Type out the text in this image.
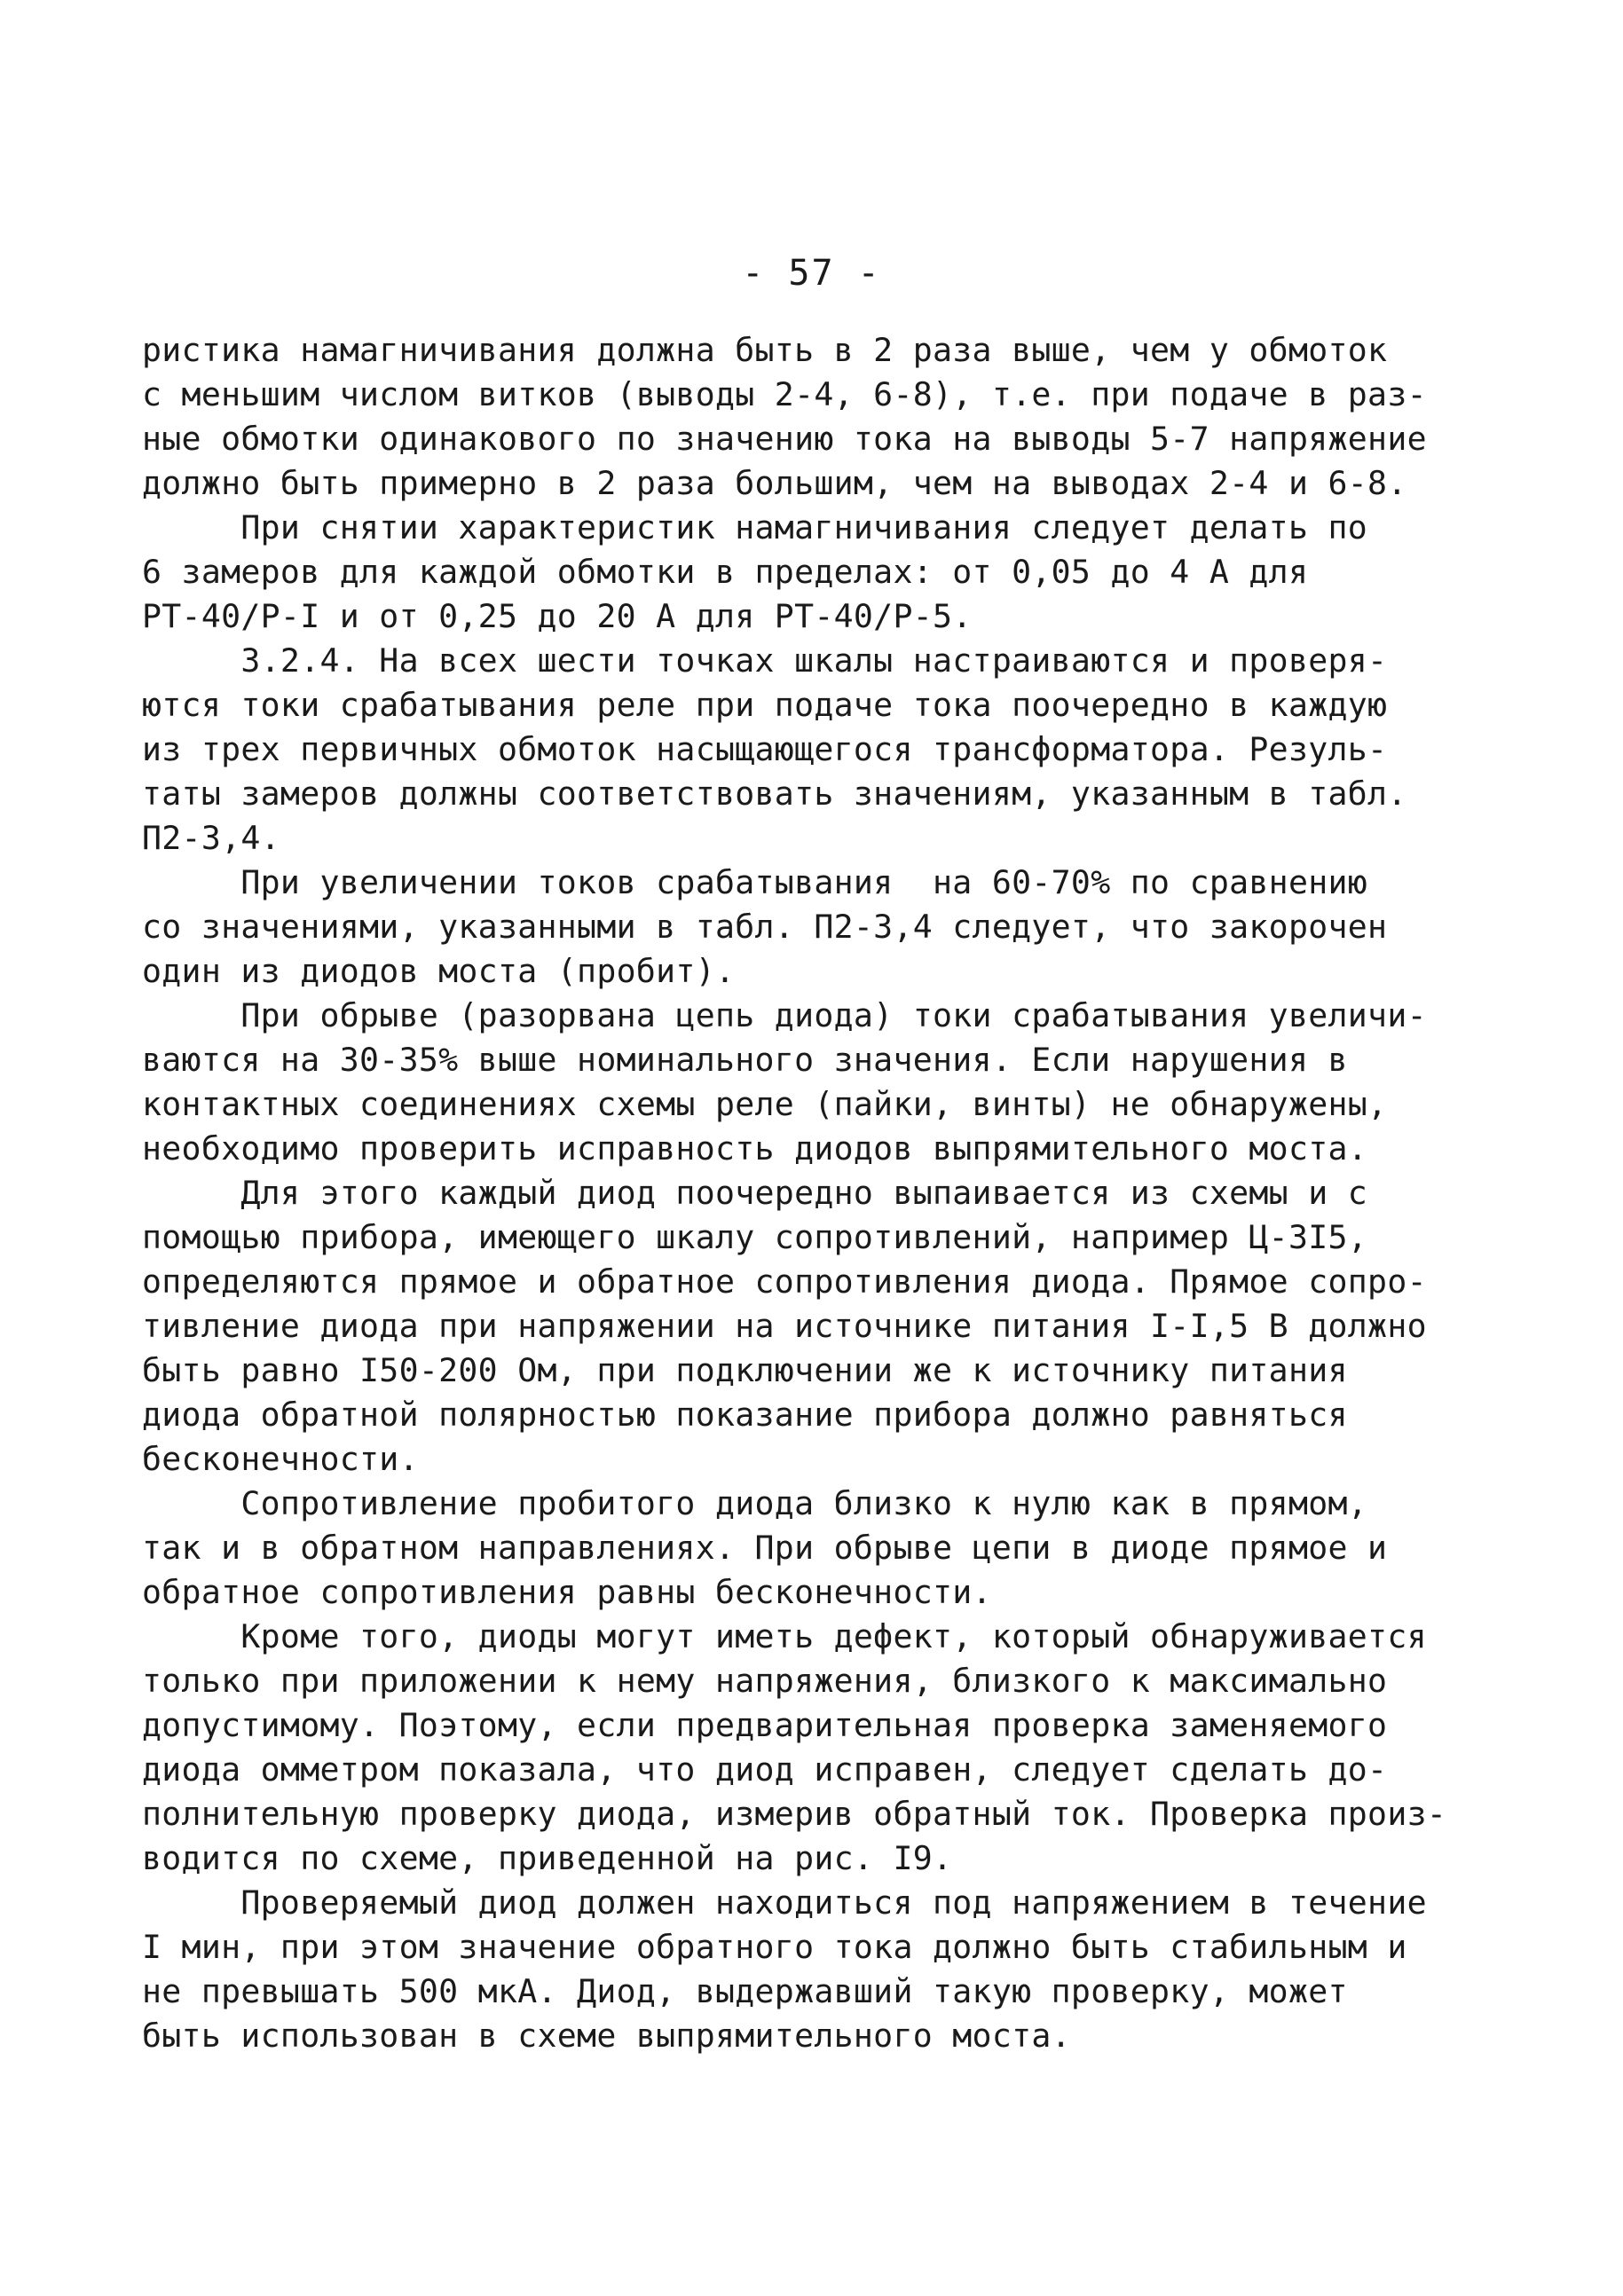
- 57 -
ристика намагничивания должна быть в 2 раза выше, чем у обмоток
с меньшим числом витков (выводы 2-4, 6-8), т.е. при подаче в раз-
ные обмотки одинакового по значению тока на выводы 5-7 напряжение
должно быть примерно в 2 раза большим, чем на выводах 2-4 и 6-8.
При снятии характеристик намагничивания следует делать по
6 замеров для каждой обмотки в пределах: от 0,05 до 4 А для
РТ-40/Р-I и от 0,25 до 20 А для РТ-40/Р-5.
3.2.4. На всех шести точках шкалы настраиваются и проверя-
ются токи срабатывания реле при подаче тока поочередно в каждую
из трех первичных обмоток насыщающегося трансформатора. Резуль-
таты замеров должны соответствовать значениям, указанным в табл.
П2-3,4.
При увеличении токов срабатывания  на 60-70% по сравнению
со значениями, указанными в табл. П2-3,4 следует, что закорочен
один из диодов моста (пробит).
При обрыве (разорвана цепь диода) токи срабатывания увеличи-
ваются на 30-35% выше номинального значения. Если нарушения в
контактных соединениях схемы реле (пайки, винты) не обнаружены,
необходимо проверить исправность диодов выпрямительного моста.
Для этого каждый диод поочередно выпаивается из схемы и с
помощью прибора, имеющего шкалу сопротивлений, например Ц-3I5,
определяются прямое и обратное сопротивления диода. Прямое сопро-
тивление диода при напряжении на источнике питания I-I,5 В должно
быть равно I50-200 Ом, при подключении же к источнику питания
диода обратной полярностью показание прибора должно равняться
бесконечности.
Сопротивление пробитого диода близко к нулю как в прямом,
так и в обратном направлениях. При обрыве цепи в диоде прямое и
обратное сопротивления равны бесконечности.
Кроме того, диоды могут иметь дефект, который обнаруживается
только при приложении к нему напряжения, близкого к максимально
допустимому. Поэтому, если предварительная проверка заменяемого
диода омметром показала, что диод исправен, следует сделать до-
полнительную проверку диода, измерив обратный ток. Проверка произ-
водится по схеме, приведенной на рис. I9.
Проверяемый диод должен находиться под напряжением в течение
I мин, при этом значение обратного тока должно быть стабильным и
не превышать 500 мкА. Диод, выдержавший такую проверку, может
быть использован в схеме выпрямительного моста.
